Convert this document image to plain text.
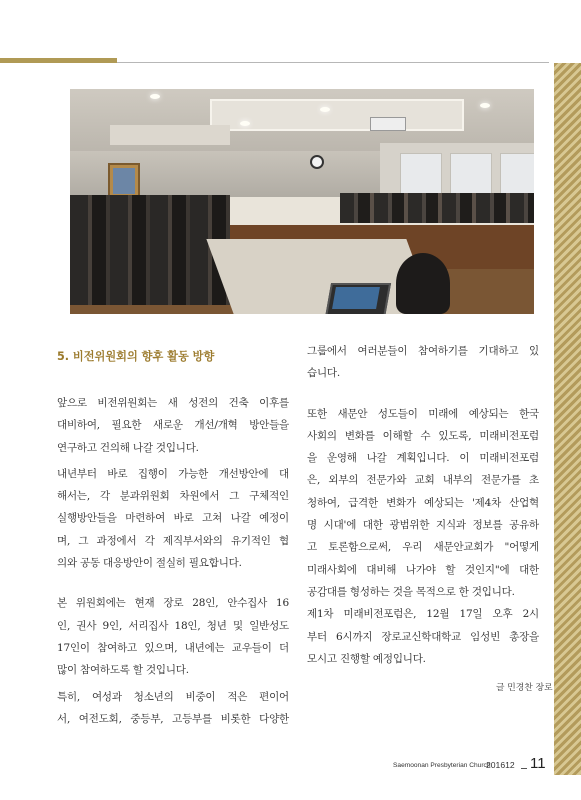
5. 비전위원회의 향후 활동 방향
앞으로 비전위원회는 새 성전의 건축 이후를
대비하여, 필요한 새로운 개선/개혁 방안들을
연구하고 건의해 나갈 것입니다.
내년부터 바로 집행이 가능한 개선방안에 대
해서는, 각 분과위원회 차원에서 그 구체적인
실행방안들을 마련하여 바로 고쳐 나갈 예정이
며, 그 과정에서 각 제직부서와의 유기적인 협
의와 공동 대응방안이 절실히 필요합니다.
본 위원회에는 현재 장로 28인, 안수집사 16
인, 권사 9인, 서리집사 18인, 청년 및 일반성도
17인이 참여하고 있으며, 내년에는 교우들이 더
많이 참여하도록 할 것입니다.
특히, 여성과 청소년의 비중이 적은 편이어
서, 여전도회, 중등부, 고등부를 비롯한 다양한
그룹에서 여러분들이 참여하기를 기대하고 있
습니다.
또한 새문안 성도들이 미래에 예상되는 한국
사회의 변화를 이해할 수 있도록, 미래비전포럼
을 운영해 나갈 계획입니다. 이 미래비전포럼
은, 외부의 전문가와 교회 내부의 전문가를 초
청하여, 급격한 변화가 예상되는 '제4차 산업혁
명 시대'에 대한 광범위한 지식과 정보를 공유하
고 토론함으로써, 우리 새문안교회가 "어떻게
미래사회에 대비해 나가야 할 것인지"에 대한
공감대를 형성하는 것을 목적으로 한 것입니다.
제1차 미래비전포럼은, 12월 17일 오후 2시
부터 6시까지 장로교신학대학교 임성빈 총장을
모시고 진행할 예정입니다.
글 민경찬 장로
Saemoonan Presbyterian Church
201612 11
